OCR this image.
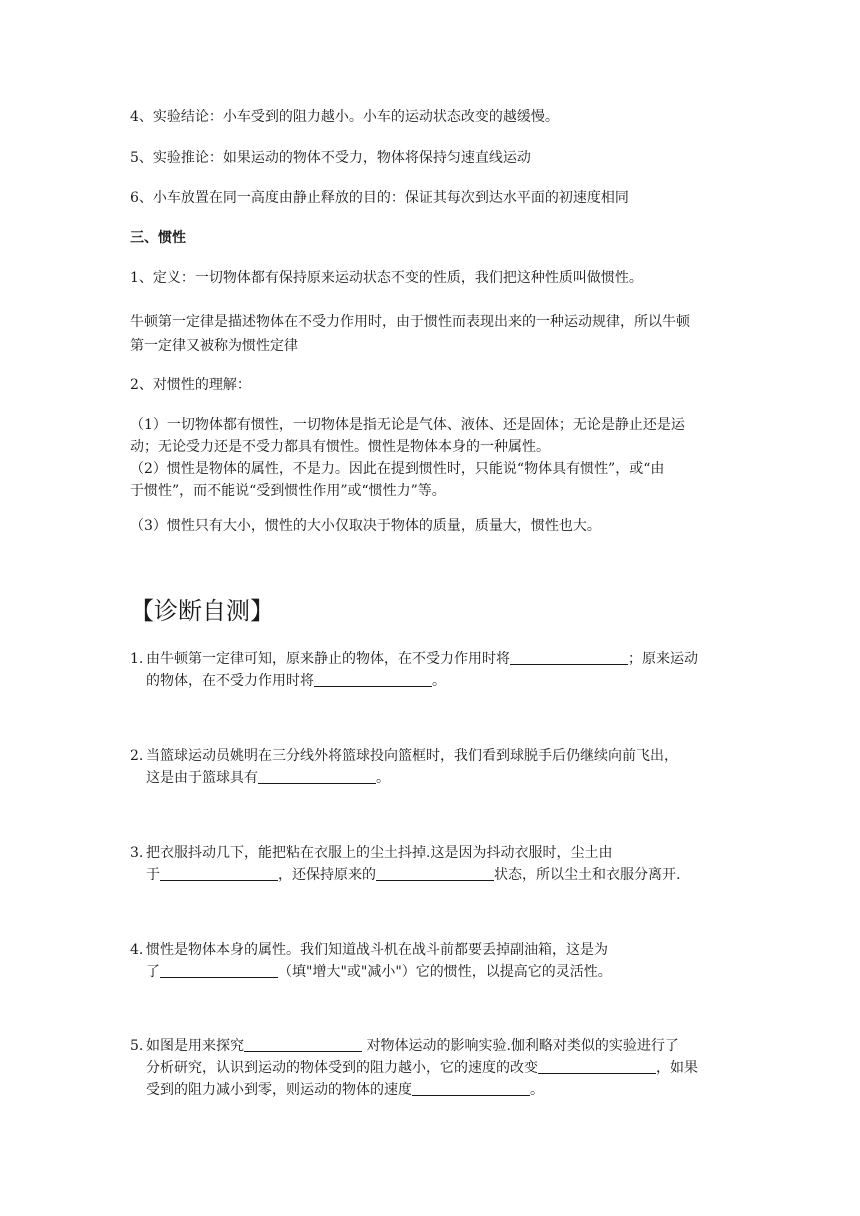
4、实验结论：小车受到的阻力越小。小车的运动状态改变的越缓慢。

5、实验推论：如果运动的物体不受力，物体将保持匀速直线运动

6、小车放置在同一高度由静止释放的目的：保证其每次到达水平面的初速度相同

三、惯性

1、定义：一切物体都有保持原来运动状态不变的性质，我们把这种性质叫做惯性。

牛顿第一定律是描述物体在不受力作用时，由于惯性而表现出来的一种运动规律，所以牛顿
第一定律又被称为惯性定律

2、对惯性的理解：

（1）一切物体都有惯性，一切物体是指无论是气体、液体、还是固体；无论是静止还是运
动；无论受力还是不受力都具有惯性。惯性是物体本身的一种属性。

（2）惯性是物体的属性，不是力。因此在提到惯性时，只能说“物体具有惯性”，或“由
于惯性”，而不能说“受到惯性作用”或“惯性力”等。

（3）惯性只有大小，惯性的大小仅取决于物体的质量，质量大，惯性也大。

【诊断自测】

1. 由牛顿第一定律可知，原来静止的物体，在不受力作用时将	；原来运动
的物体，在不受力作用时将	。
2. 当篮球运动员姚明在三分线外将篮球投向篮框时，我们看到球脱手后仍继续向前飞出，
这是由于篮球具有	。
3. 把衣服抖动几下，能把粘在衣服上的尘土抖掉.这是因为抖动衣服时，尘土由
于	，还保持原来的	状态，所以尘土和衣服分离开.
4. 惯性是物体本身的属性。我们知道战斗机在战斗前都要丢掉副油箱，这是为
了	（填"增大"或"减小"）它的惯性，以提高它的灵活性。
5. 如图是用来探究	对物体运动的影响实验.伽利略对类似的实验进行了
分析研究，认识到运动的物体受到的阻力越小，它的速度的改变	，如果
受到的阻力减小到零，则运动的物体的速度	。
